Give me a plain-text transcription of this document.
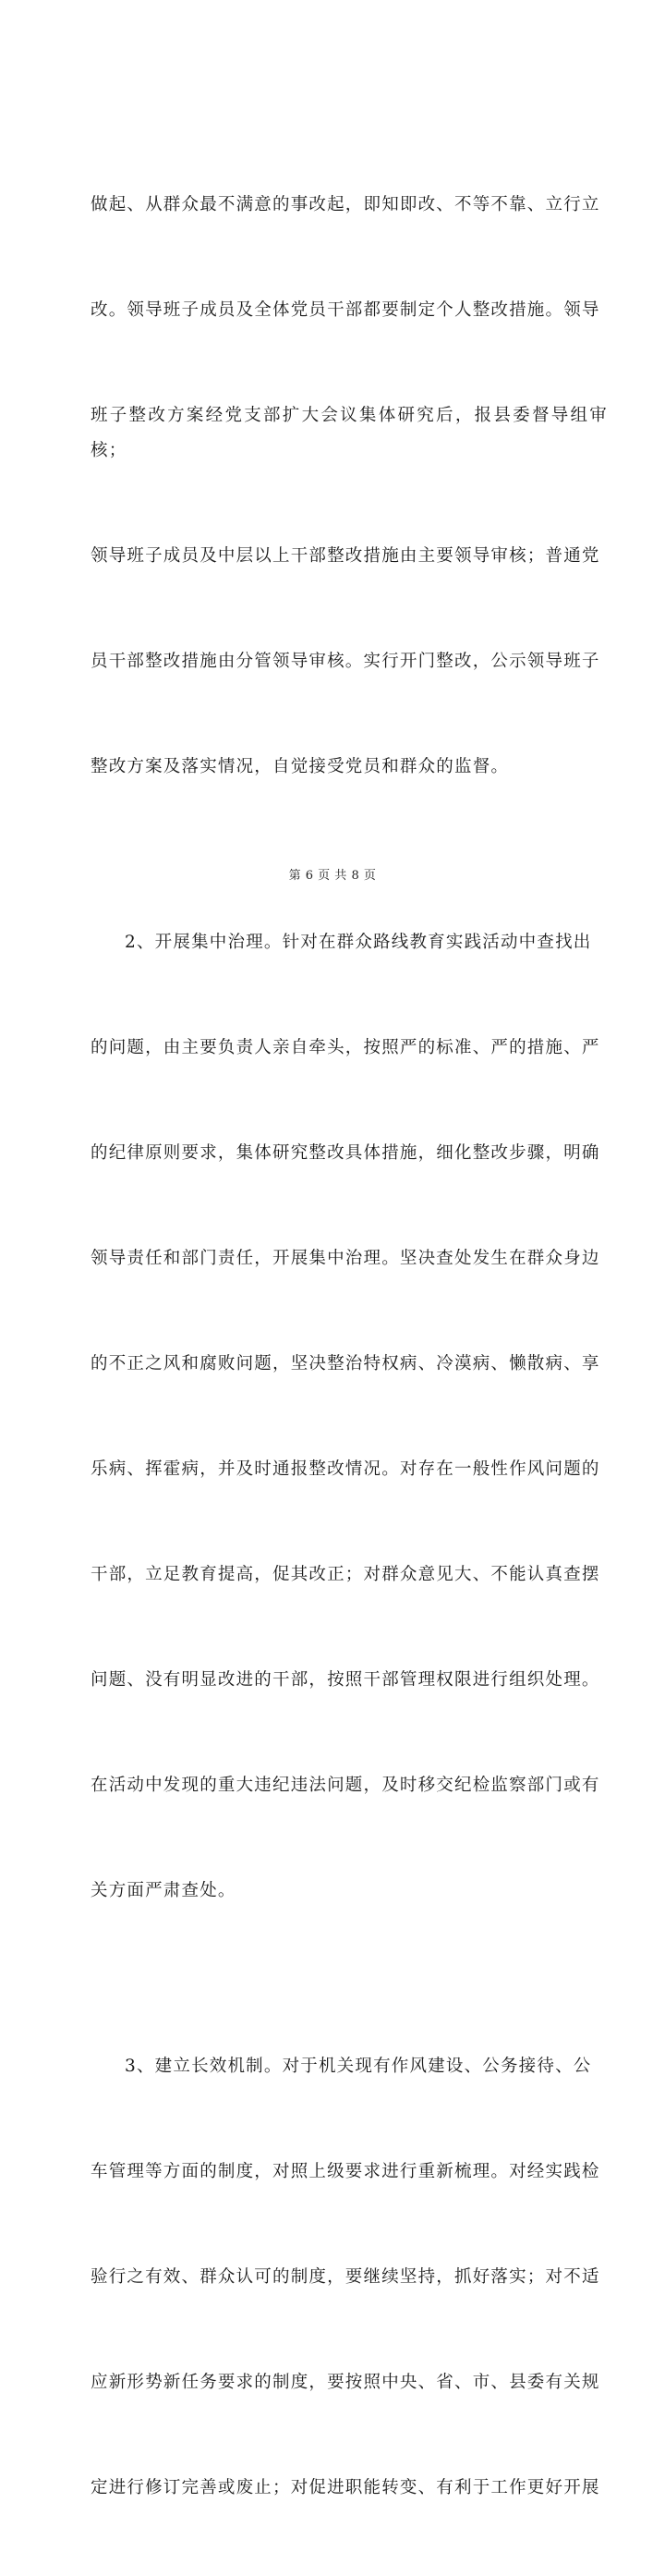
做起、从群众最不满意的事改起，即知即改、不等不靠、立行立

改。领导班子成员及全体党员干部都要制定个人整改措施。领导

班子整改方案经党支部扩大会议集体研究后，报县委督导组审核；

领导班子成员及中层以上干部整改措施由主要领导审核；普通党

员干部整改措施由分管领导审核。实行开门整改，公示领导班子

整改方案及落实情况，自觉接受党员和群众的监督。

2、开展集中治理。针对在群众路线教育实践活动中查找出

的问题，由主要负责人亲自牵头，按照严的标准、严的措施、严

的纪律原则要求，集体研究整改具体措施，细化整改步骤，明确

领导责任和部门责任，开展集中治理。坚决查处发生在群众身边

的不正之风和腐败问题，坚决整治特权病、冷漠病、懒散病、享

乐病、挥霍病，并及时通报整改情况。对存在一般性作风问题的

干部，立足教育提高，促其改正；对群众意见大、不能认真查摆

问题、没有明显改进的干部，按照干部管理权限进行组织处理。

在活动中发现的重大违纪违法问题，及时移交纪检监察部门或有

关方面严肃查处。

3、建立长效机制。对于机关现有作风建设、公务接待、公

车管理等方面的制度，对照上级要求进行重新梳理。对经实践检

验行之有效、群众认可的制度，要继续坚持，抓好落实；对不适

应新形势新任务要求的制度，要按照中央、省、市、县委有关规

定进行修订完善或废止；对促进职能转变、有利于工作更好开展

第 6 页 共 8 页
